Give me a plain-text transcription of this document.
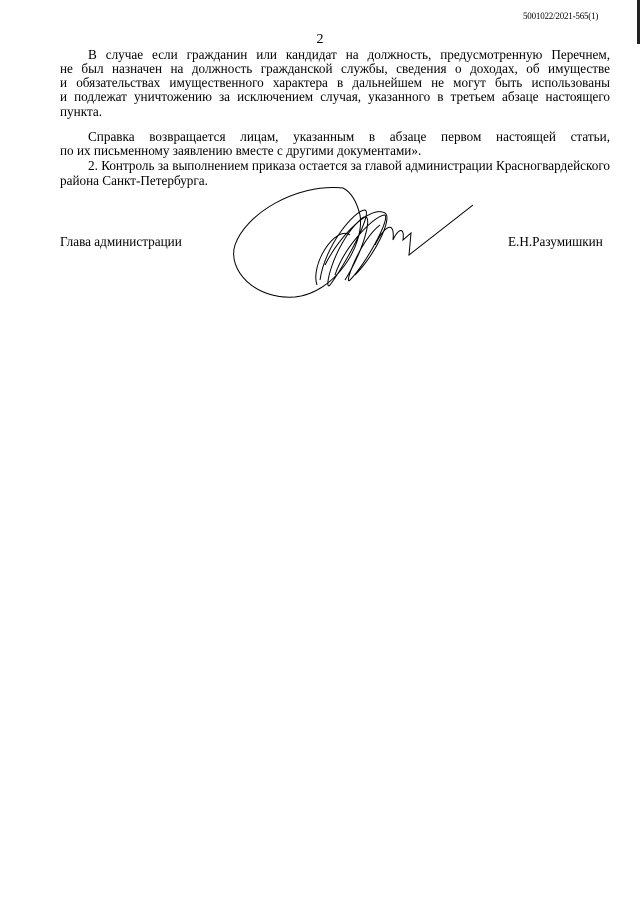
5001022/2021-565(1)
2
В случае если гражданин или кандидат на должность, предусмотренную Перечнем,
не был назначен на должность гражданской службы, сведения о доходах, об имуществе
и обязательствах имущественного характера в дальнейшем не могут быть использованы
и подлежат уничтожению за исключением случая, указанного в третьем абзаце настоящего
пункта.
Справка возвращается лицам, указанным в абзаце первом настоящей статьи,
по их письменному заявлению вместе с другими документами».
2. Контроль за выполнением приказа остается за главой администрации Красногвардейского
района Санкт-Петербурга.
Глава администрации	Е.Н.Разумишкин
